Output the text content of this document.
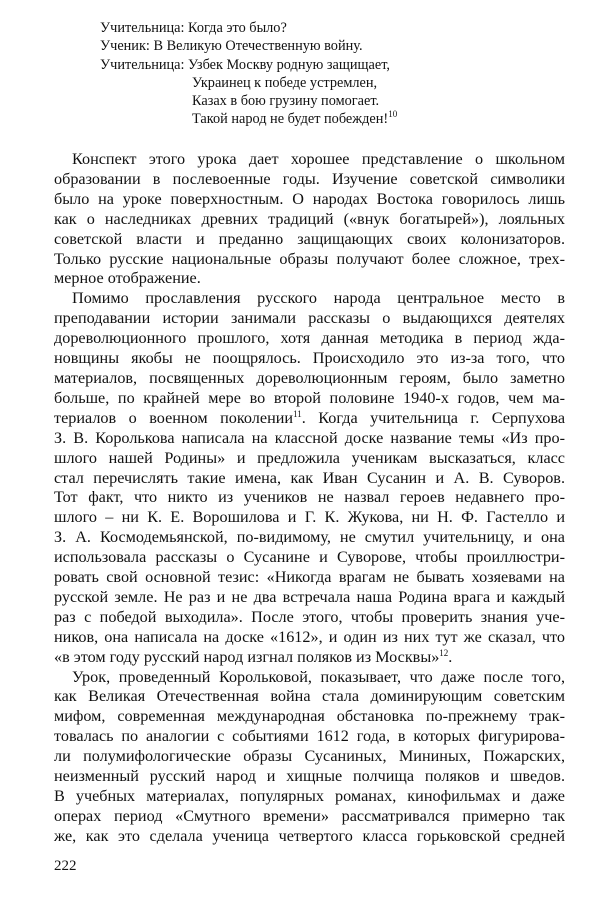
Учительница: Когда это было?
Ученик: В Великую Отечественную войну.
Учительница: Узбек Москву родную защищает,
Украинец к победе устремлен,
Казах в бою грузину помогает.
Такой народ не будет побежден!$^{10}$
Конспект этого урока дает хорошее представление о школьном
образовании в послевоенные годы. Изучение советской символики
было на уроке поверхностным. О народах Востока говорилось лишь
как о наследниках древних традиций («внук богатырей»), лояльных
советской власти и преданно защищающих своих колонизаторов.
Только русские национальные образы получают более сложное, трех-
мерное отображение.
Помимо прославления русского народа центральное место в
преподавании истории занимали рассказы о выдающихся деятелях
дореволюционного прошлого, хотя данная методика в период жда-
новщины якобы не поощрялось. Происходило это из-за того, что
материалов, посвященных дореволюционным героям, было заметно
больше, по крайней мере во второй половине 1940-х годов, чем ма-
териалов о военном поколении$^{11}$. Когда учительница г. Серпухова
З. В. Королькова написала на классной доске название темы «Из про-
шлого нашей Родины» и предложила ученикам высказаться, класс
стал перечислять такие имена, как Иван Сусанин и А. В. Суворов.
Тот факт, что никто из учеников не назвал героев недавнего про-
шлого – ни К. Е. Ворошилова и Г. К. Жукова, ни Н. Ф. Гастелло и
З. А. Космодемьянской, по-видимому, не смутил учительницу, и она
использовала рассказы о Сусанине и Суворове, чтобы проиллюстри-
ровать свой основной тезис: «Никогда врагам не бывать хозяевами на
русской земле. Не раз и не два встречала наша Родина врага и каждый
раз с победой выходила». После этого, чтобы проверить знания уче-
ников, она написала на доске «1612», и один из них тут же сказал, что
«в этом году русский народ изгнал поляков из Москвы»$^{12}$.
Урок, проведенный Корольковой, показывает, что даже после того,
как Великая Отечественная война стала доминирующим советским
мифом, современная международная обстановка по-прежнему трак-
товалась по аналогии с событиями 1612 года, в которых фигурирова-
ли полумифологические образы Сусаниных, Мининых, Пожарских,
неизменный русский народ и хищные полчища поляков и шведов.
В учебных материалах, популярных романах, кинофильмах и даже
операх период «Смутного времени» рассматривался примерно так
же, как это сделала ученица четвертого класса горьковской средней
222
